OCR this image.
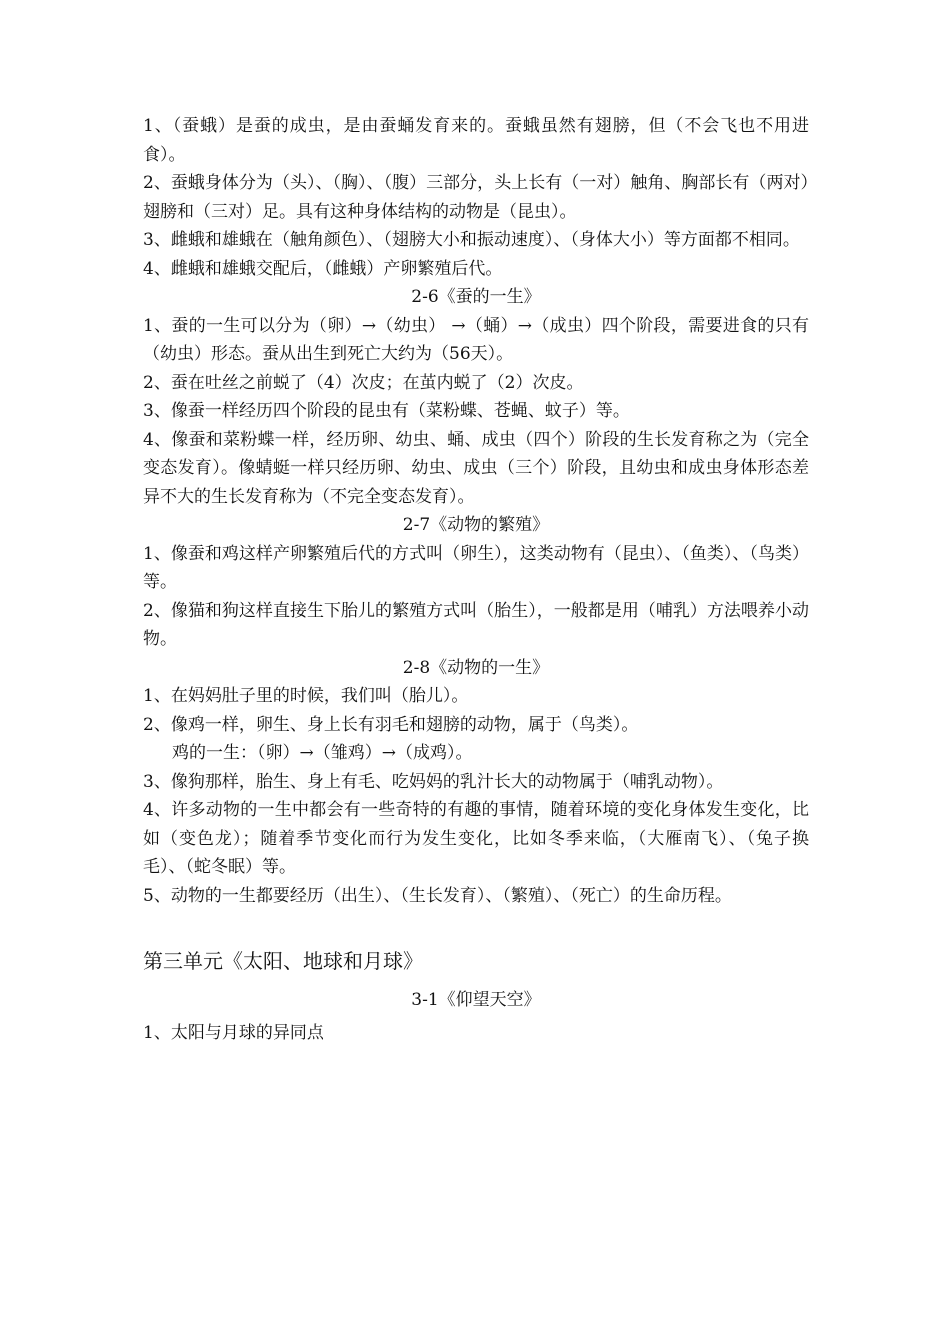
1、（蚕蛾）是蚕的成虫，是由蚕蛹发育来的。蚕蛾虽然有翅膀，但（不会飞也不用进食）。

2、蚕蛾身体分为（头）、（胸）、（腹）三部分，头上长有（一对）触角、胸部长有（两对）翅膀和（三对）足。具有这种身体结构的动物是（昆虫）。

3、雌蛾和雄蛾在（触角颜色）、（翅膀大小和振动速度）、（身体大小）等方面都不相同。

4、雌蛾和雄蛾交配后，（雌蛾）产卵繁殖后代。

2-6《蚕的一生》

1、蚕的一生可以分为（卵）→（幼虫） →（蛹）→（成虫）四个阶段，需要进食的只有（幼虫）形态。蚕从出生到死亡大约为（56天）。

2、蚕在吐丝之前蜕了（4）次皮；在茧内蜕了（2）次皮。

3、像蚕一样经历四个阶段的昆虫有（菜粉蝶、苍蝇、蚊子）等。

4、像蚕和菜粉蝶一样，经历卵、幼虫、蛹、成虫（四个）阶段的生长发育称之为（完全变态发育）。像蜻蜓一样只经历卵、幼虫、成虫（三个）阶段，且幼虫和成虫身体形态差异不大的生长发育称为（不完全变态发育）。

2-7《动物的繁殖》

1、像蚕和鸡这样产卵繁殖后代的方式叫（卵生），这类动物有（昆虫）、（鱼类）、（鸟类）等。

2、像猫和狗这样直接生下胎儿的繁殖方式叫（胎生），一般都是用（哺乳）方法喂养小动物。

2-8《动物的一生》

1、在妈妈肚子里的时候，我们叫（胎儿）。

2、像鸡一样，卵生、身上长有羽毛和翅膀的动物，属于（鸟类）。

鸡的一生：（卵）→（雏鸡）→（成鸡）。

3、像狗那样，胎生、身上有毛、吃妈妈的乳汁长大的动物属于（哺乳动物）。

4、许多动物的一生中都会有一些奇特的有趣的事情，随着环境的变化身体发生变化，比如（变色龙）；随着季节变化而行为发生变化，比如冬季来临，（大雁南飞）、（兔子换毛）、（蛇冬眠）等。

5、动物的一生都要经历（出生）、（生长发育）、（繁殖）、（死亡）的生命历程。

第三单元《太阳、地球和月球》

3-1《仰望天空》

1、太阳与月球的异同点
